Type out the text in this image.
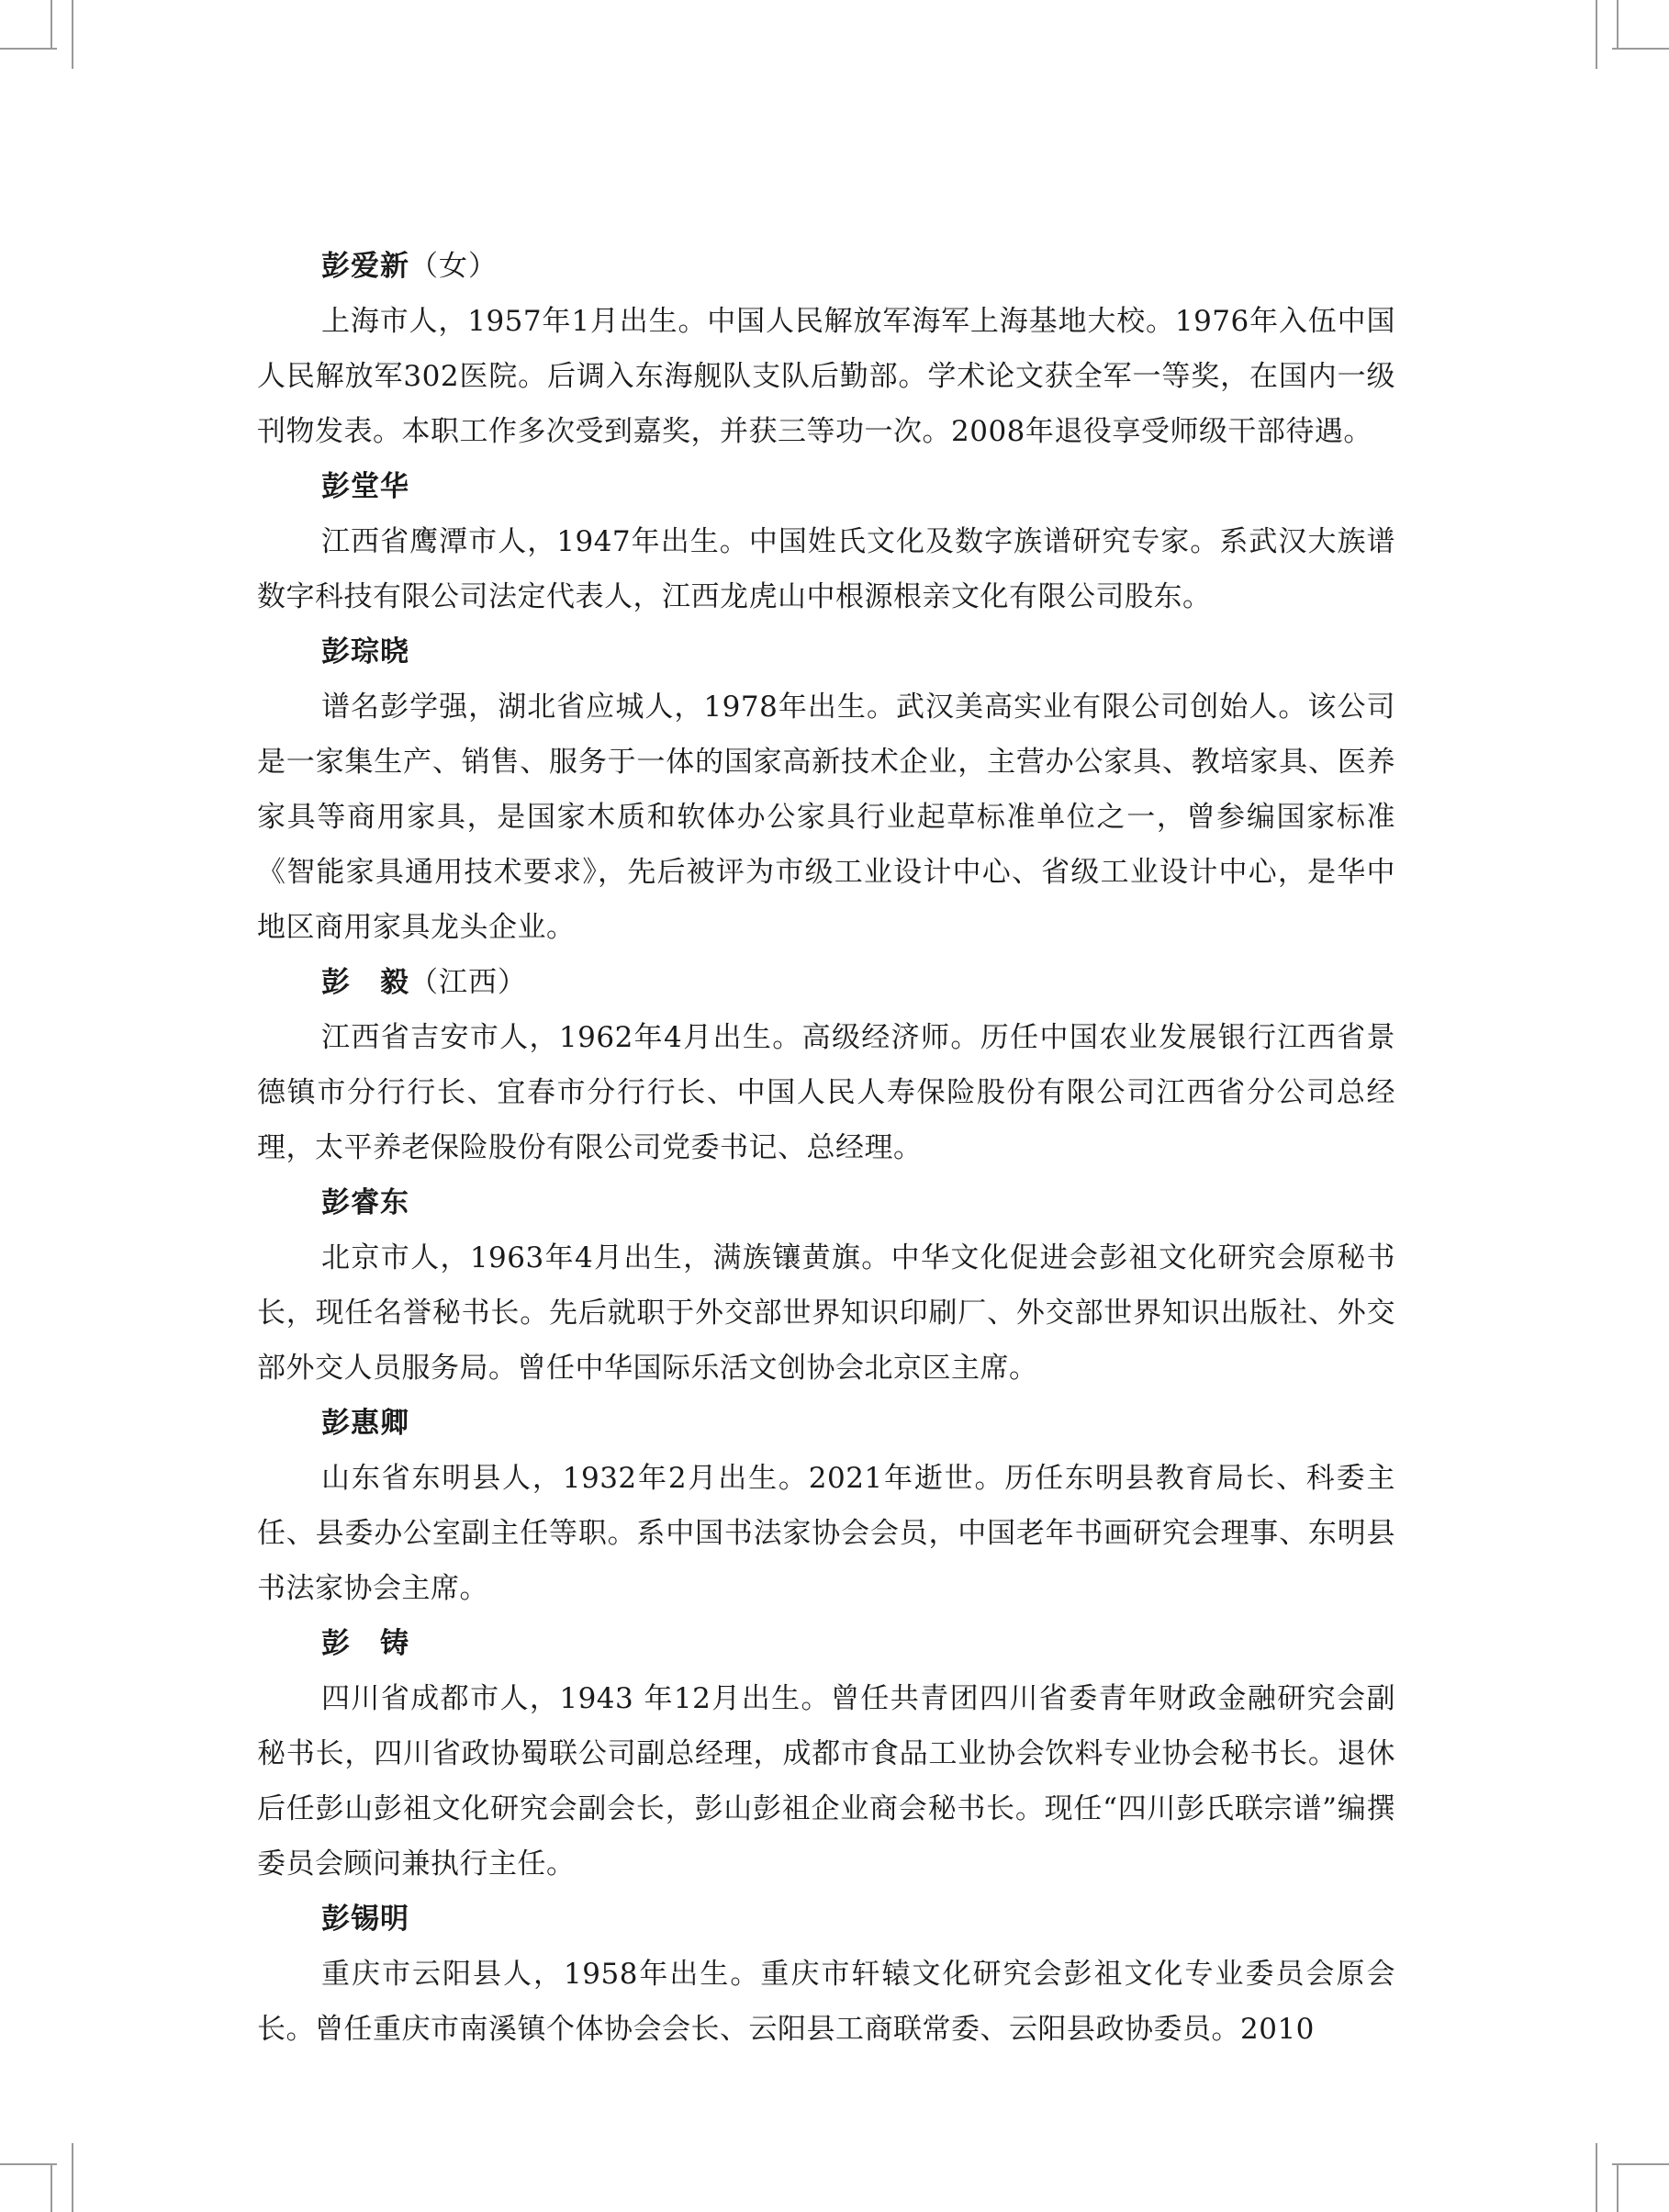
彭爱新（女）

上海市人，1957年1月出生。中国人民解放军海军上海基地大校。1976年入伍中国人民解放军302医院。后调入东海舰队支队后勤部。学术论文获全军一等奖，在国内一级刊物发表。本职工作多次受到嘉奖，并获三等功一次。2008年退役享受师级干部待遇。

彭堂华

江西省鹰潭市人，1947年出生。中国姓氏文化及数字族谱研究专家。系武汉大族谱数字科技有限公司法定代表人，江西龙虎山中根源根亲文化有限公司股东。

彭琮晓

谱名彭学强，湖北省应城人，1978年出生。武汉美高实业有限公司创始人。该公司是一家集生产、销售、服务于一体的国家高新技术企业，主营办公家具、教培家具、医养家具等商用家具，是国家木质和软体办公家具行业起草标准单位之一，曾参编国家标准《智能家具通用技术要求》，先后被评为市级工业设计中心、省级工业设计中心，是华中地区商用家具龙头企业。

彭　毅（江西）

江西省吉安市人，1962年4月出生。高级经济师。历任中国农业发展银行江西省景德镇市分行行长、宜春市分行行长、中国人民人寿保险股份有限公司江西省分公司总经理，太平养老保险股份有限公司党委书记、总经理。

彭睿东

北京市人，1963年4月出生，满族镶黄旗。中华文化促进会彭祖文化研究会原秘书长，现任名誉秘书长。先后就职于外交部世界知识印刷厂、外交部世界知识出版社、外交部外交人员服务局。曾任中华国际乐活文创协会北京区主席。

彭惠卿

山东省东明县人，1932年2月出生。2021年逝世。历任东明县教育局长、科委主任、县委办公室副主任等职。系中国书法家协会会员，中国老年书画研究会理事、东明县书法家协会主席。

彭　铸

四川省成都市人，1943 年12月出生。曾任共青团四川省委青年财政金融研究会副秘书长，四川省政协蜀联公司副总经理，成都市食品工业协会饮料专业协会秘书长。退休后任彭山彭祖文化研究会副会长，彭山彭祖企业商会秘书长。现任“四川彭氏联宗谱”编撰委员会顾问兼执行主任。

彭锡明

重庆市云阳县人，1958年出生。重庆市轩辕文化研究会彭祖文化专业委员会原会长。曾任重庆市南溪镇个体协会会长、云阳县工商联常委、云阳县政协委员。2010
